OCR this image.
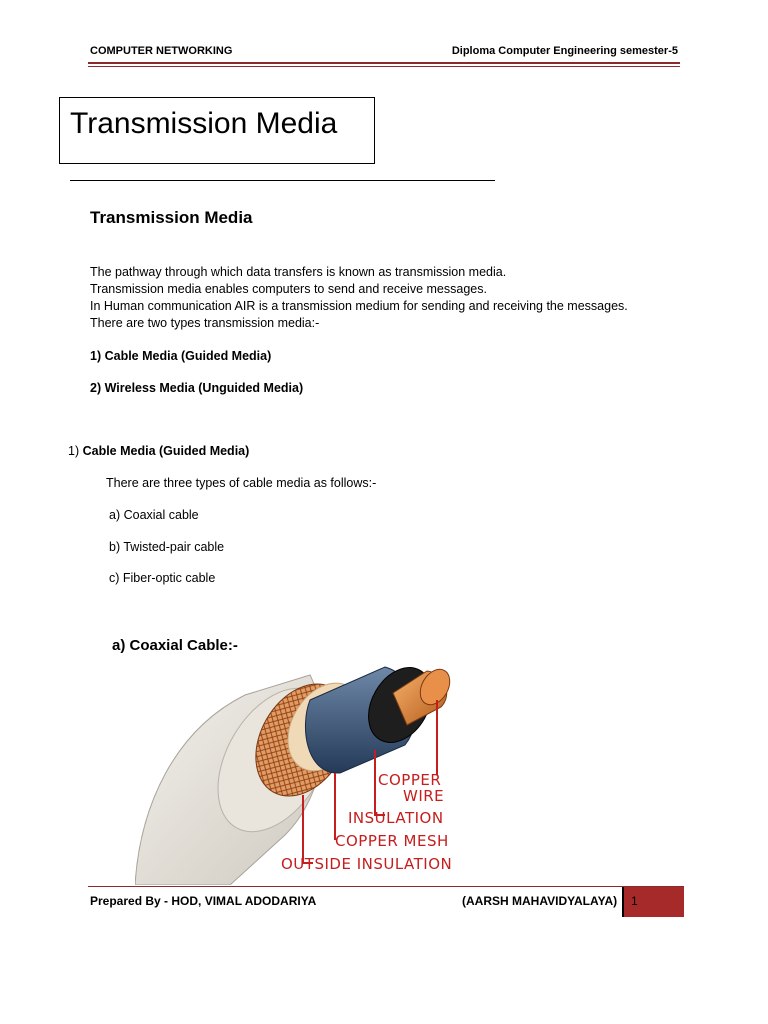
COMPUTER NETWORKING	Diploma Computer Engineering semester-5
Transmission Media
Transmission Media
The pathway through which data transfers is known as transmission media.
Transmission media enables computers to send and receive messages.
In Human communication AIR is a transmission medium for sending and receiving the messages.
There are two types transmission media:-
1) Cable Media (Guided Media)
2) Wireless Media (Unguided Media)
1) Cable Media (Guided Media)
There are three types of cable media as follows:-
a) Coaxial cable
b) Twisted-pair cable
c) Fiber-optic cable
a) Coaxial Cable:-
COPPER
WIRE
INSULATION
COPPER MESH
OUTSIDE INSULATION
Prepared By - HOD, VIMAL ADODARIYA	(AARSH MAHAVIDYALAYA) 1
